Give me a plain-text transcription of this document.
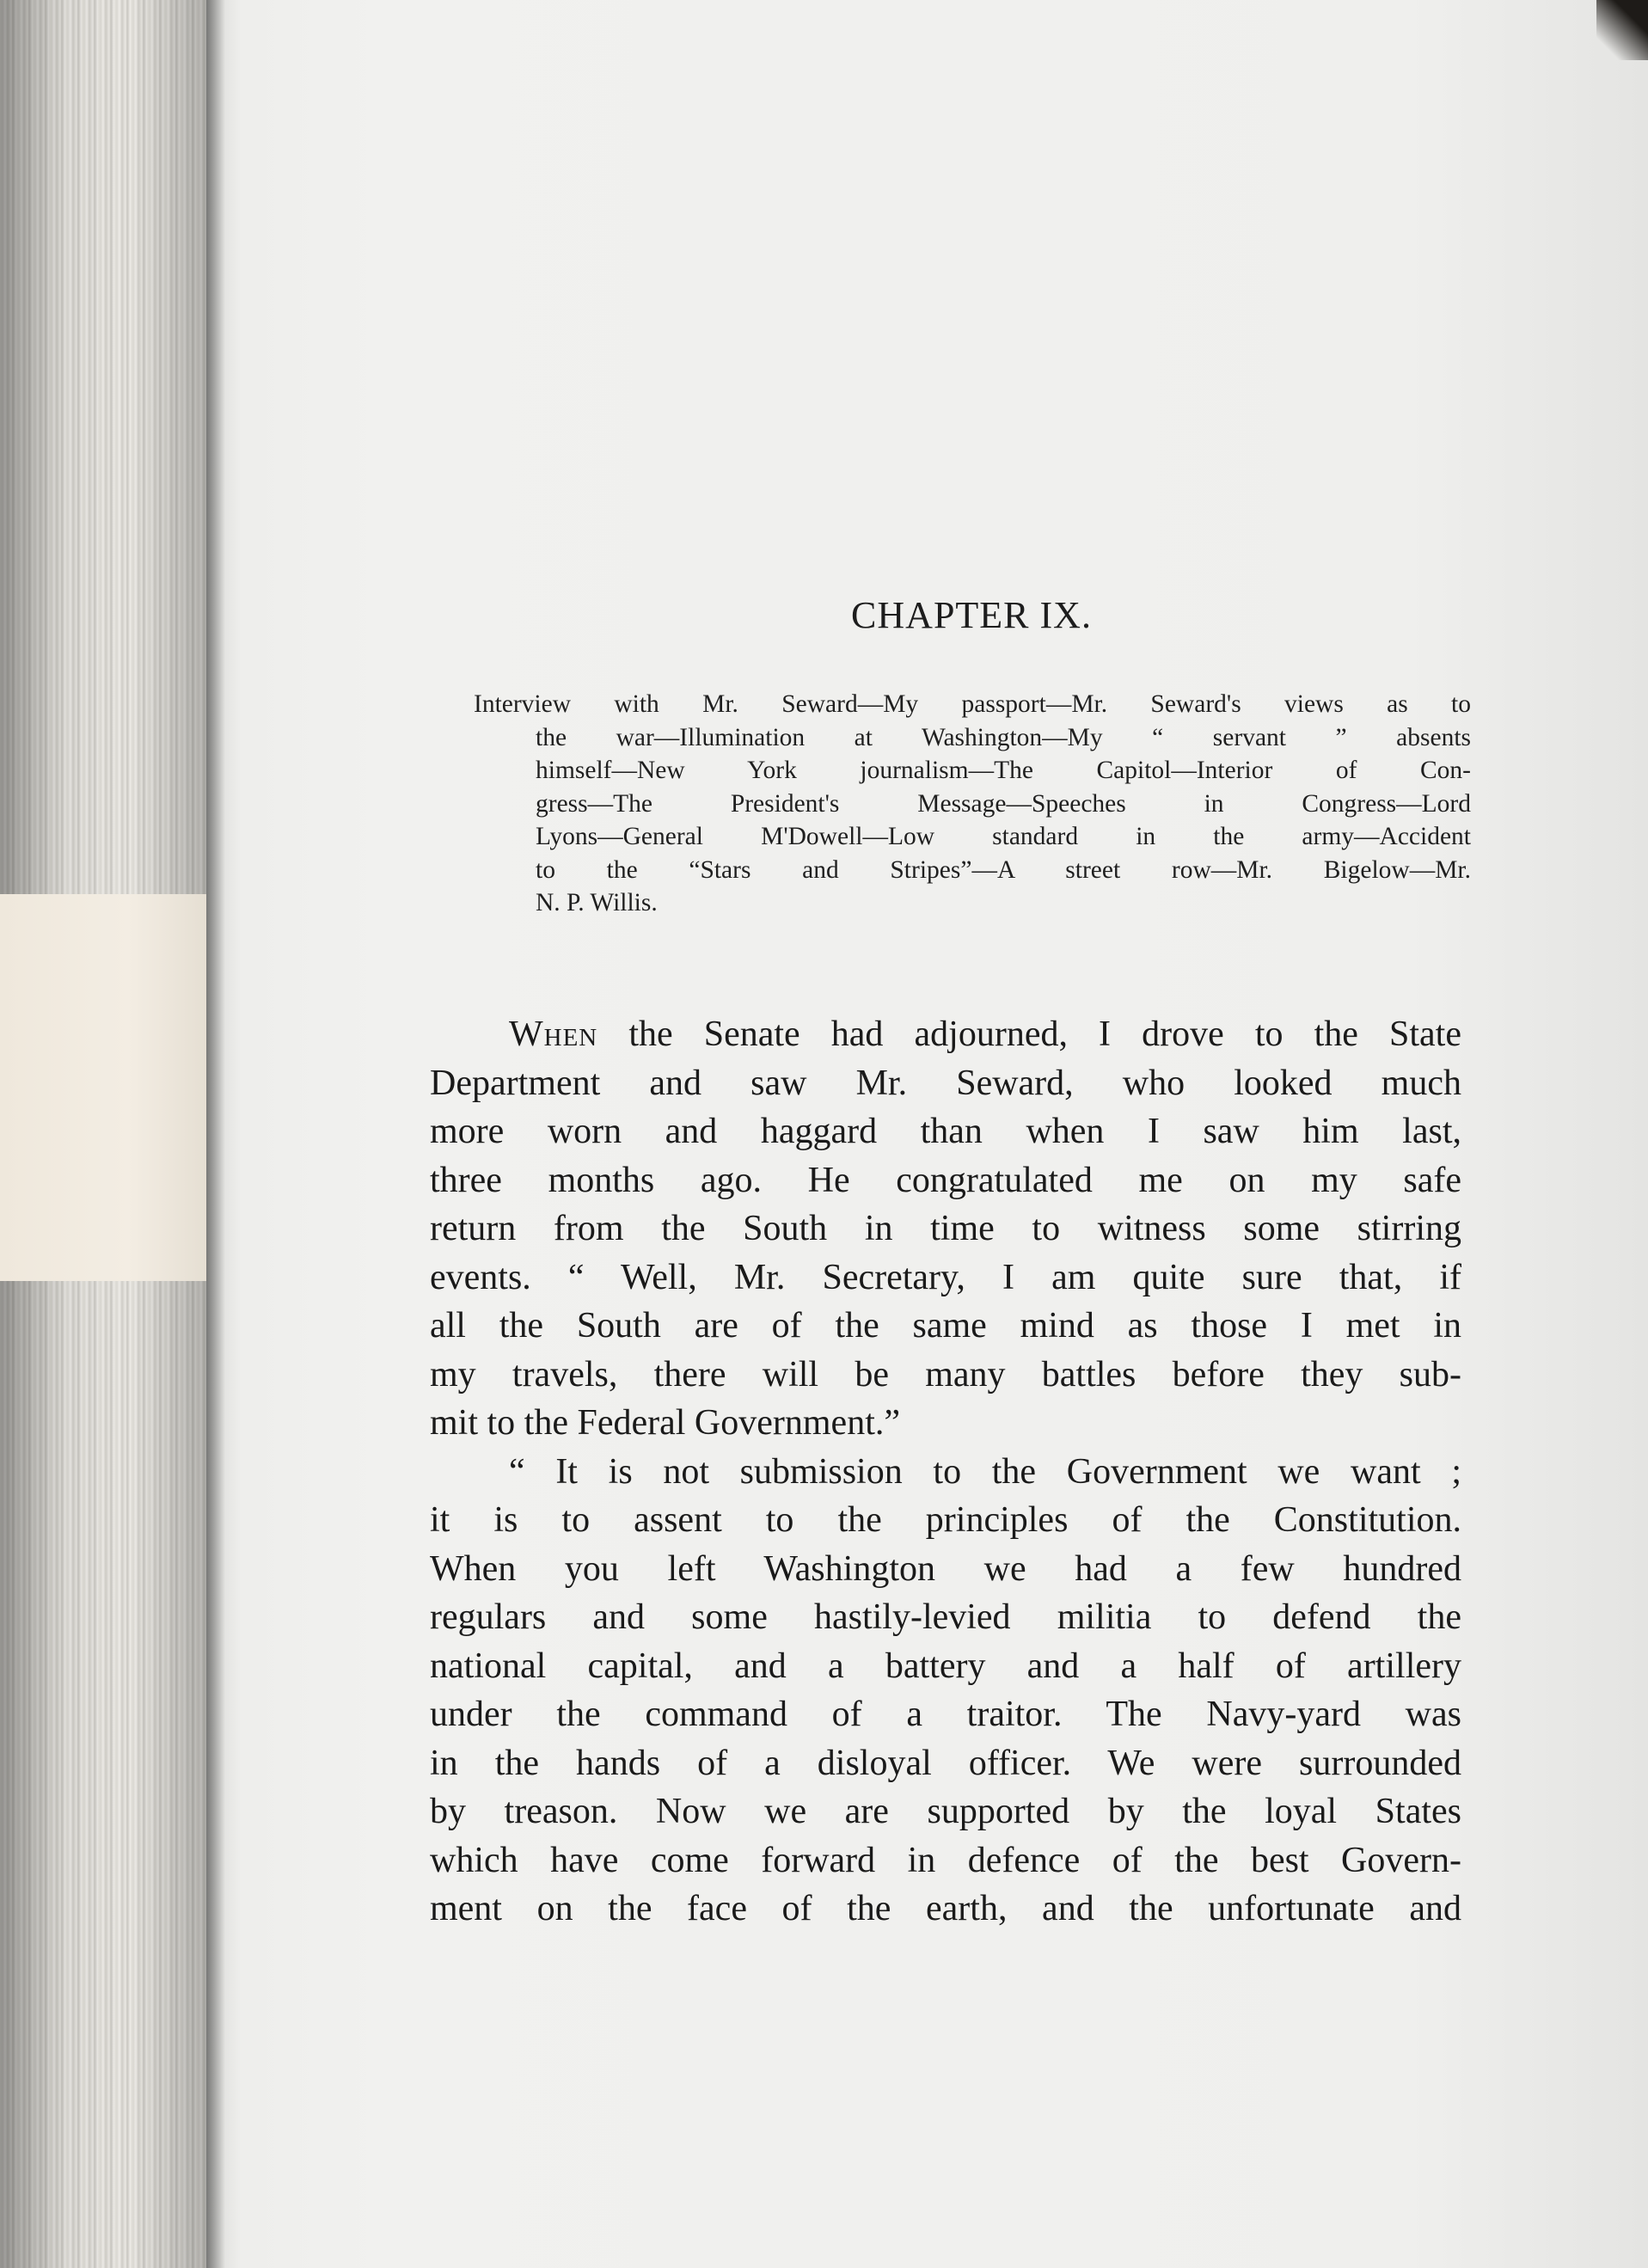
CHAPTER IX.
Interview with Mr. Seward—My passport—Mr. Seward's views as to
the war—Illumination at Washington—My “ servant ” absents
himself—New York journalism—The Capitol—Interior of Con-
gress—The President's Message—Speeches in Congress—Lord
Lyons—General M'Dowell—Low standard in the army—Accident
to the “Stars and Stripes”—A street row—Mr. Bigelow—Mr.
N. P. Willis.
When the Senate had adjourned, I drove to the State
Department and saw Mr. Seward, who looked much
more worn and haggard than when I saw him last,
three months ago. He congratulated me on my safe
return from the South in time to witness some stirring
events. “ Well, Mr. Secretary, I am quite sure that, if
all the South are of the same mind as those I met in
my travels, there will be many battles before they sub-
mit to the Federal Government.”
“ It is not submission to the Government we want ;
it is to assent to the principles of the Constitution.
When you left Washington we had a few hundred
regulars and some hastily-levied militia to defend the
national capital, and a battery and a half of artillery
under the command of a traitor. The Navy-yard was
in the hands of a disloyal officer. We were surrounded
by treason. Now we are supported by the loyal States
which have come forward in defence of the best Govern-
ment on the face of the earth, and the unfortunate and
